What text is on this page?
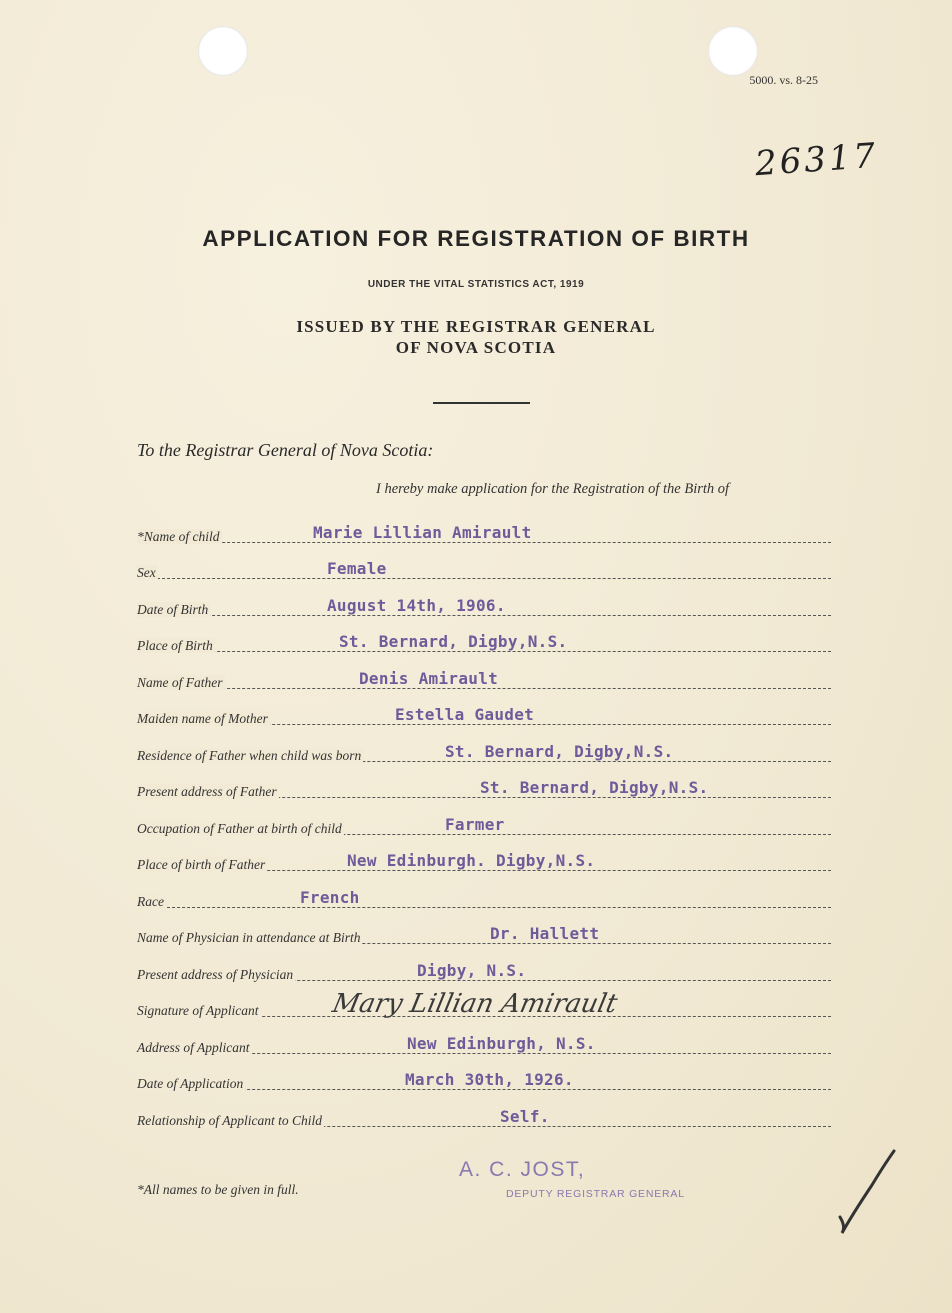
5000. vs. 8-25
26317
APPLICATION FOR REGISTRATION OF BIRTH
UNDER THE VITAL STATISTICS ACT, 1919
ISSUED BY THE REGISTRAR GENERAL
OF NOVA SCOTIA
To the Registrar General of Nova Scotia:
I hereby make application for the Registration of the Birth of
*Name of child	Marie Lillian Amirault
Sex	Female
Date of Birth	August 14th, 1906.
Place of Birth	St. Bernard, Digby,N.S.
Name of Father	Denis Amirault
Maiden name of Mother	Estella Gaudet
Residence of Father when child was born	St. Bernard, Digby,N.S.
Present address of Father	St. Bernard, Digby,N.S.
Occupation of Father at birth of child	Farmer
Place of birth of Father	New Edinburgh. Digby,N.S.
Race	French
Name of Physician in attendance at Birth	Dr. Hallett
Present address of Physician	Digby, N.S.
Signature of Applicant	Mary Lillian Amirault
Address of Applicant	New Edinburgh, N.S.
Date of Application	March 30th, 1926.
Relationship of Applicant to Child	Self.
*All names to be given in full.
A. C. JOST,
DEPUTY REGISTRAR GENERAL
